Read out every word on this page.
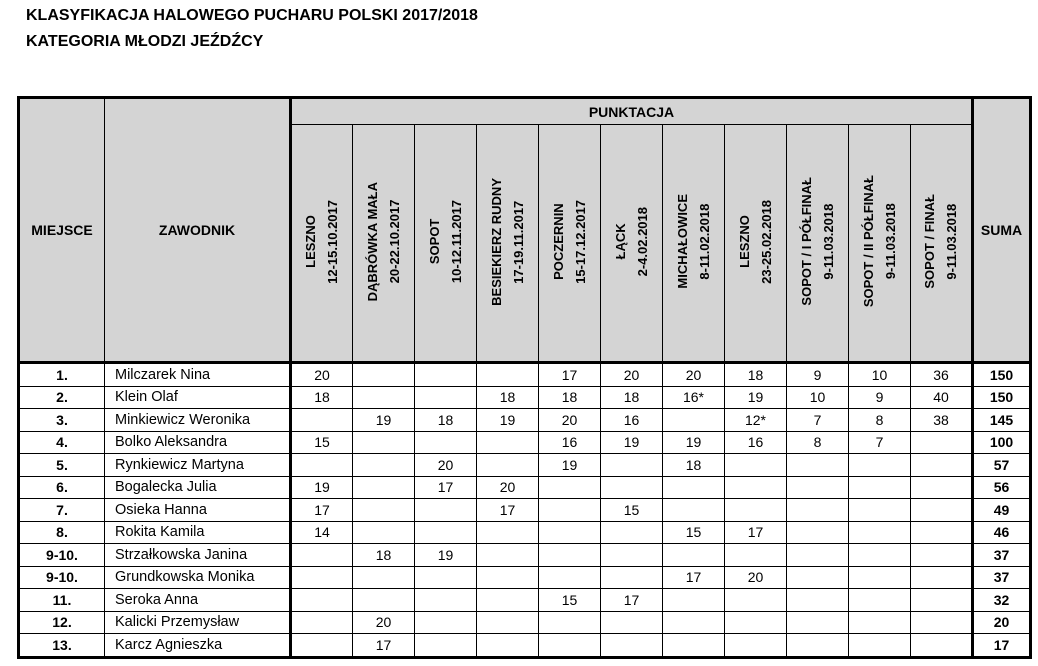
KLASYFIKACJA HALOWEGO PUCHARU POLSKI 2017/2018
KATEGORIA MŁODZI JEŹDŹCY
MIEJSCE	ZAWODNIK	PUNKTACJA											SUMA
		LESZNO 12-15.10.2017	DĄBRÓWKA MAŁA 20-22.10.2017	SOPOT 10-12.11.2017	BESIEKIERZ RUDNY 17-19.11.2017	POCZERNIN 15-17.12.2017	ŁĄCK 2-4.02.2018	MICHAŁOWICE 8-11.02.2018	LESZNO 23-25.02.2018	SOPOT / I PÓŁFINAŁ 9-11.03.2018	SOPOT / II PÓŁFINAŁ 9-11.03.2018	SOPOT / FINAŁ 9-11.03.2018	
1.	Milczarek Nina	20				17	20	20	18	9	10	36	150
2.	Klein Olaf	18			18	18	18	16*	19	10	9	40	150
3.	Minkiewicz Weronika		19	18	19	20	16		12*	7	8	38	145
4.	Bolko Aleksandra	15				16	19	19	16	8	7		100
5.	Rynkiewicz Martyna			20		19		18					57
6.	Bogalecka Julia	19		17	20								56
7.	Osieka Hanna	17			17		15						49
8.	Rokita Kamila	14						15	17				46
9-10.	Strzałkowska Janina		18	19									37
9-10.	Grundkowska Monika							17	20				37
11.	Seroka Anna					15	17						32
12.	Kalicki Przemysław		20										20
13.	Karcz Agnieszka		17										17
